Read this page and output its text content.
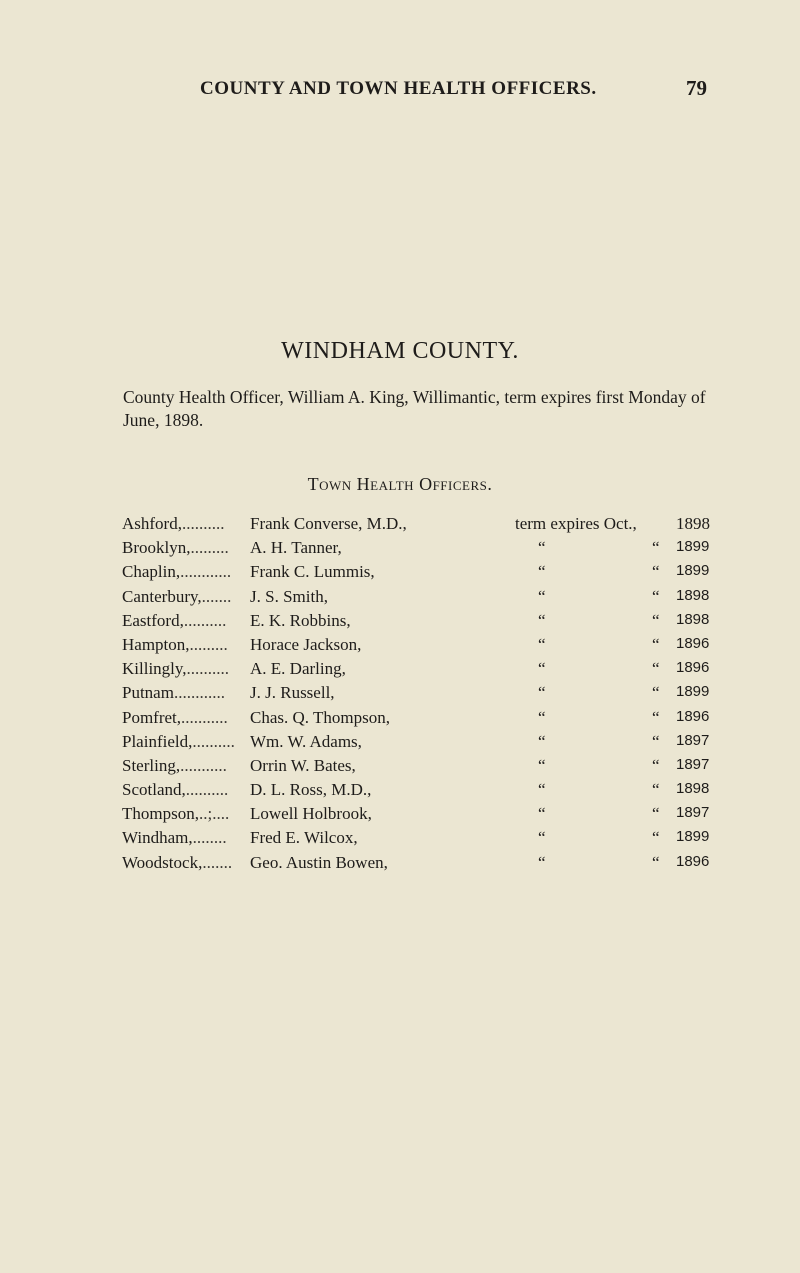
COUNTY AND TOWN HEALTH OFFICERS.	79
WINDHAM COUNTY.
County Health Officer, William A. King, Willimantic, term expires first Monday of June, 1898.
Town Health Officers.
Ashford,.......... Frank Converse, M.D.,	term expires Oct., 1898
Brooklyn,......... A. H. Tanner,	“	“ 1899
Chaplin,............ Frank C. Lummis,	“	“ 1899
Canterbury,....... J. S. Smith,	“	“ 1898
Eastford,.......... E. K. Robbins,	“	“ 1898
Hampton,......... Horace Jackson,	“	“ 1896
Killingly,.......... A. E. Darling,	“	“ 1896
Putnam............ J. J. Russell,	“	“ 1899
Pomfret,........... Chas. Q. Thompson,	“	“ 1896
Plainfield,.......... Wm. W. Adams,	“	“ 1897
Sterling,........... Orrin W. Bates,	“	“ 1897
Scotland,.......... D. L. Ross, M.D.,	“	“ 1898
Thompson,..;.... Lowell Holbrook,	“	“ 1897
Windham,........ Fred E. Wilcox,	“	“ 1899
Woodstock,....... Geo. Austin Bowen,	“	“ 1896
